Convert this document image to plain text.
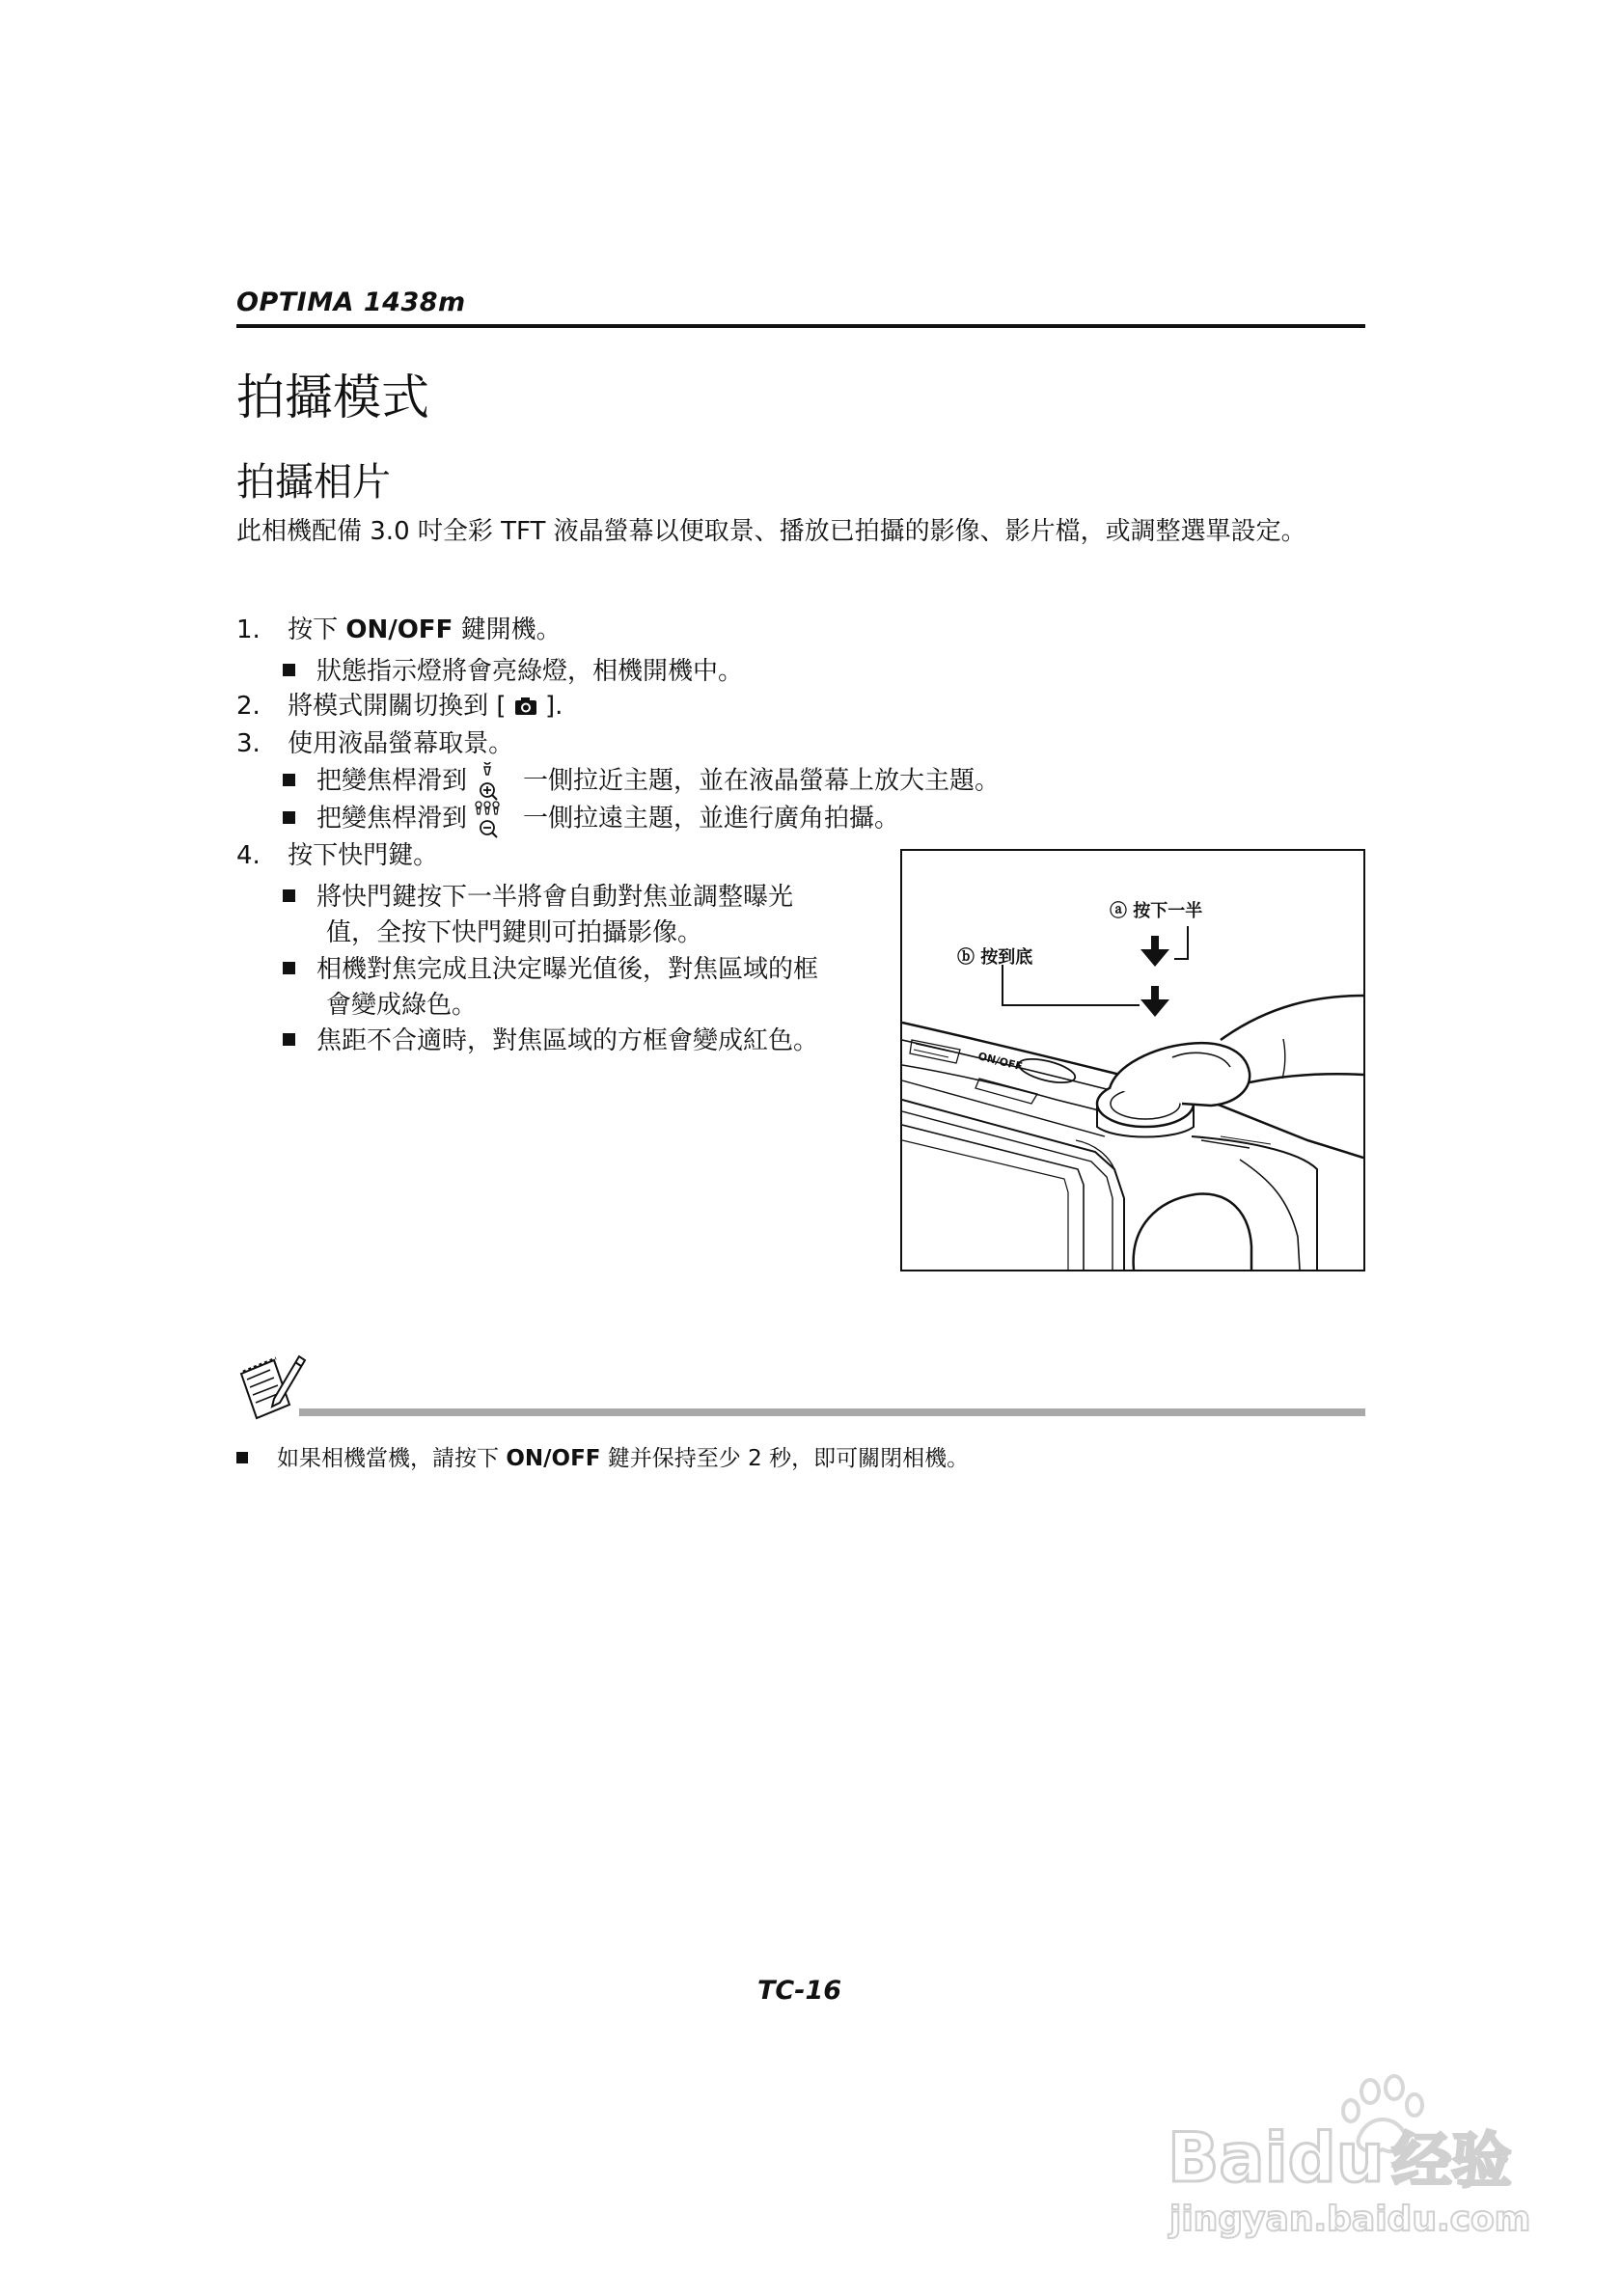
OPTIMA 1438m
拍攝模式
拍攝相片

此相機配備 3.0 吋全彩 TFT 液晶螢幕以便取景、播放已拍攝的影像、影片檔，或調整選單設定。

1. 按下 ON/OFF 鍵開機。
狀態指示燈將會亮綠燈，相機開機中。
2. 將模式開關切換到 [  ].
3. 使用液晶螢幕取景。
把變焦桿滑到 一側拉近主題，並在液晶螢幕上放大主題。
把變焦桿滑到 一側拉遠主題，並進行廣角拍攝。
4. 按下快門鍵。
將快門鍵按下一半將會自動對焦並調整曝光
值，全按下快門鍵則可拍攝影像。
相機對焦完成且決定曝光值後，對焦區域的框
會變成綠色。
焦距不合適時，對焦區域的方框會變成紅色。
ⓐ 按下一半
ⓑ 按到底
ON/OFF
如果相機當機，請按下 ON/OFF 鍵并保持至少 2 秒，即可關閉相機。
TC-16
Baidu 经验
jingyan.baidu.com
